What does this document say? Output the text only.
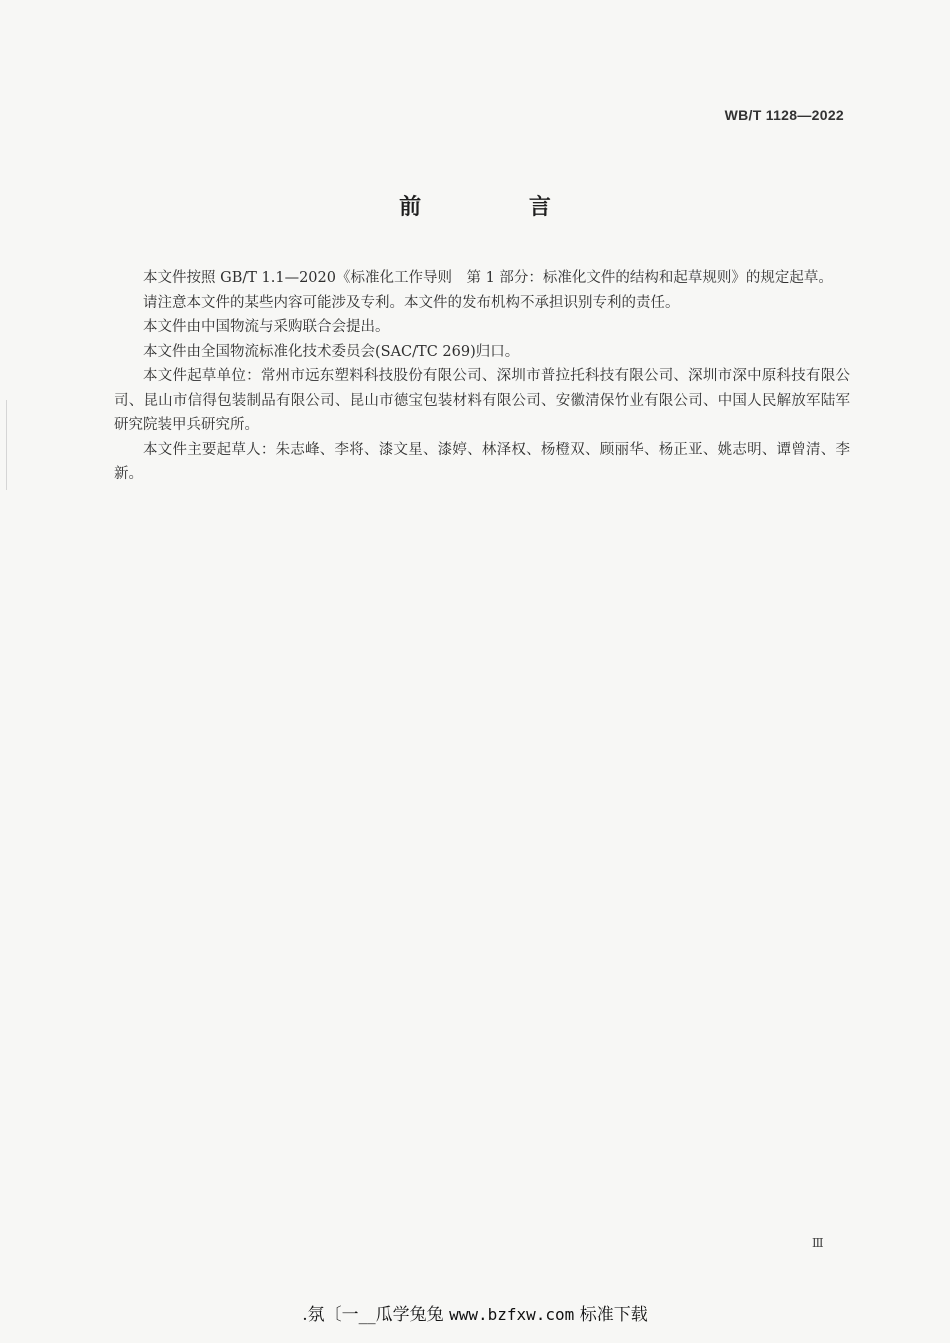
WB/T 1128—2022
前 言

本文件按照 GB/T 1.1—2020《标准化工作导则　第 1 部分：标准化文件的结构和起草规则》的规定起草。

请注意本文件的某些内容可能涉及专利。本文件的发布机构不承担识别专利的责任。

本文件由中国物流与采购联合会提出。

本文件由全国物流标准化技术委员会(SAC/TC 269)归口。

本文件起草单位：常州市远东塑料科技股份有限公司、深圳市普拉托科技有限公司、深圳市深中原科技有限公司、昆山市信得包装制品有限公司、昆山市德宝包装材料有限公司、安徽清保竹业有限公司、中国人民解放军陆军研究院装甲兵研究所。

本文件主要起草人：朱志峰、李将、漆文星、漆婷、林泽权、杨橙双、顾丽华、杨正亚、姚志明、谭曾清、李新。

Ⅲ
.氛〔一__瓜学兔兔 www.bzfxw.com 标准下载
